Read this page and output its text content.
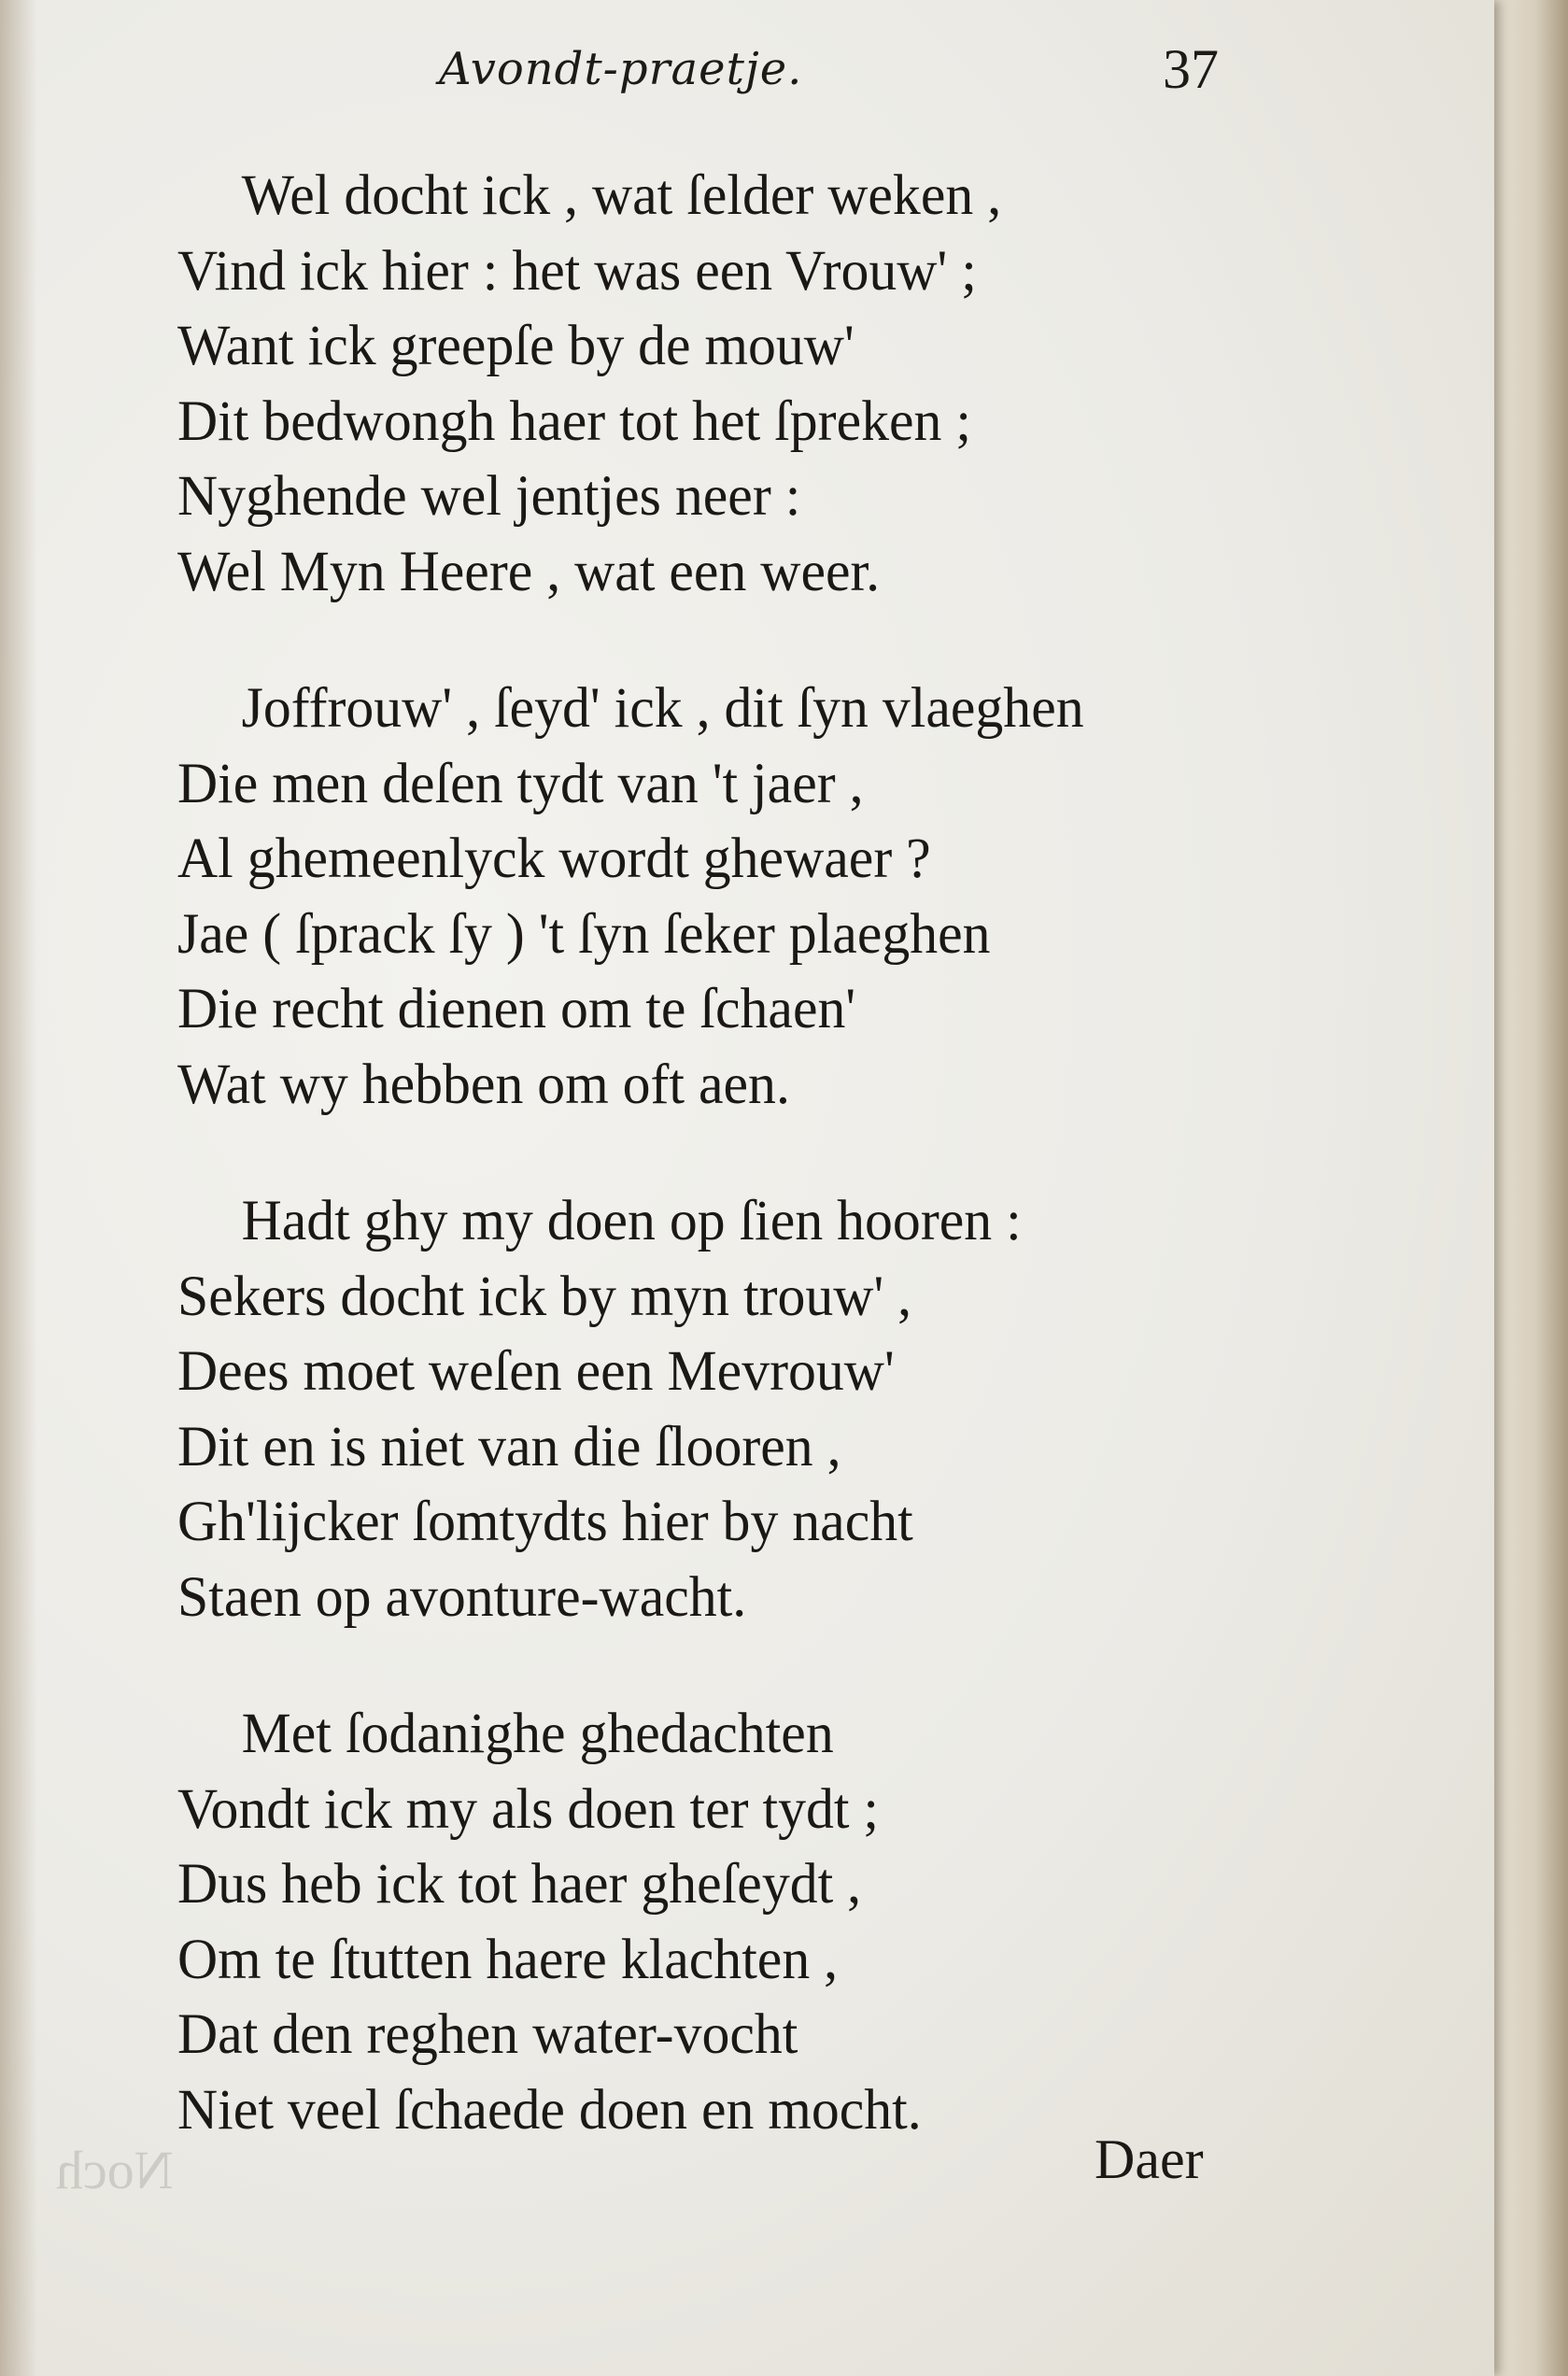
Noch
Avondt-praetje.	37
Wel docht ick , wat ſelder weken ,
Vind ick hier : het was een Vrouw' ;
Want ick greepſe by de mouw'
Dit bedwongh haer tot het ſpreken ;
Nyghende wel jentjes neer :
Wel Myn Heere , wat een weer.
Joffrouw' , ſeyd' ick , dit ſyn vlaeghen
Die men deſen tydt van 't jaer ,
Al ghemeenlyck wordt ghewaer ?
Jae ( ſprack ſy ) 't ſyn ſeker plaeghen
Die recht dienen om te ſchaen'
Wat wy hebben om oft aen.
Hadt ghy my doen op ſien hooren :
Sekers docht ick by myn trouw' ,
Dees moet weſen een Mevrouw'
Dit en is niet van die ſlooren ,
Gh'lijcker ſomtydts hier by nacht
Staen op avonture-wacht.
Met ſodanighe ghedachten
Vondt ick my als doen ter tydt ;
Dus heb ick tot haer gheſeydt ,
Om te ſtutten haere klachten ,
Dat den reghen water-vocht
Niet veel ſchaede doen en mocht.
Daer
